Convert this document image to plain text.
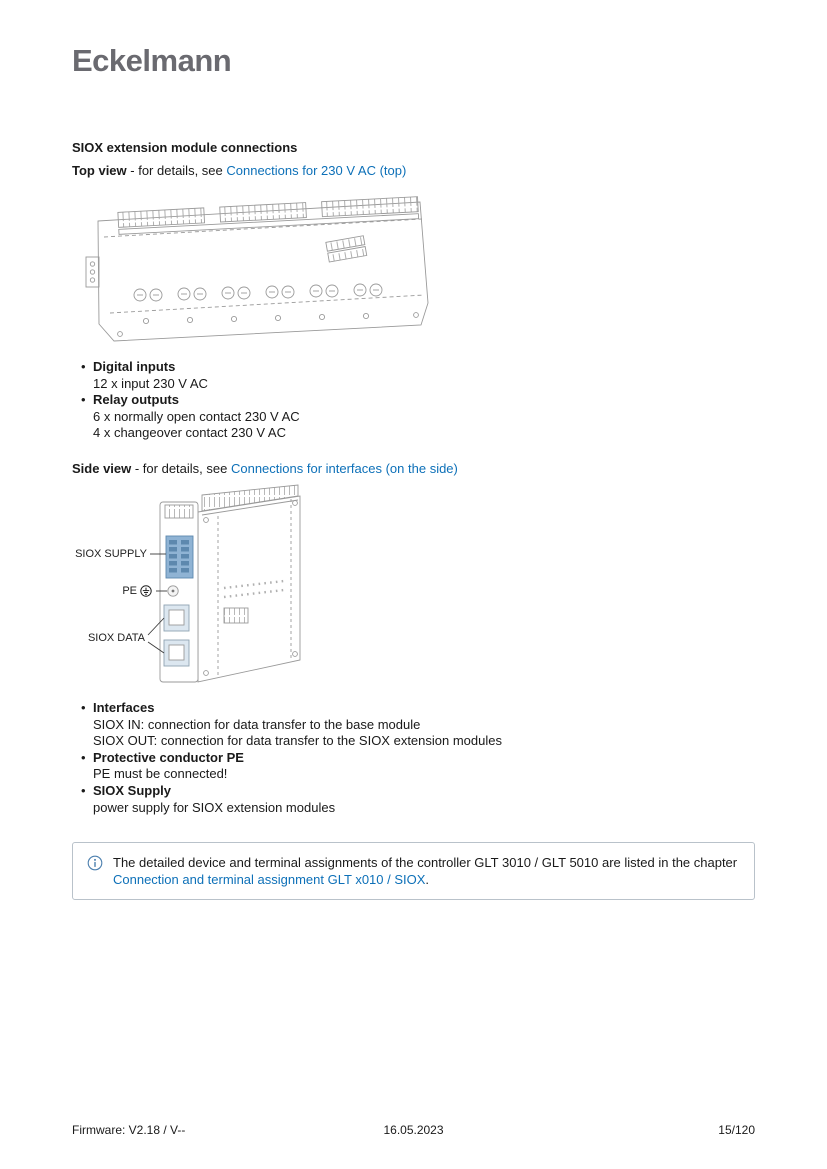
Eckelmann
SIOX extension module connections
Top view - for details, see Connections for 230 V AC (top)
• Digital inputs
12 x input 230 V AC
• Relay outputs
6 x normally open contact 230 V AC
4 x changeover contact 230 V AC
Side view - for details, see Connections for interfaces (on the side)
SIOX SUPPLY
PE
SIOX DATA
• Interfaces
SIOX IN: connection for data transfer to the base module
SIOX OUT: connection for data transfer to the SIOX extension modules
• Protective conductor PE
PE must be connected!
• SIOX Supply
power supply for SIOX extension modules
The detailed device and terminal assignments of the controller GLT 3010 / GLT 5010 are listed in the chapter Connection and terminal assignment GLT x010 / SIOX.
Firmware: V2.18 / V--	16.05.2023	15/120
